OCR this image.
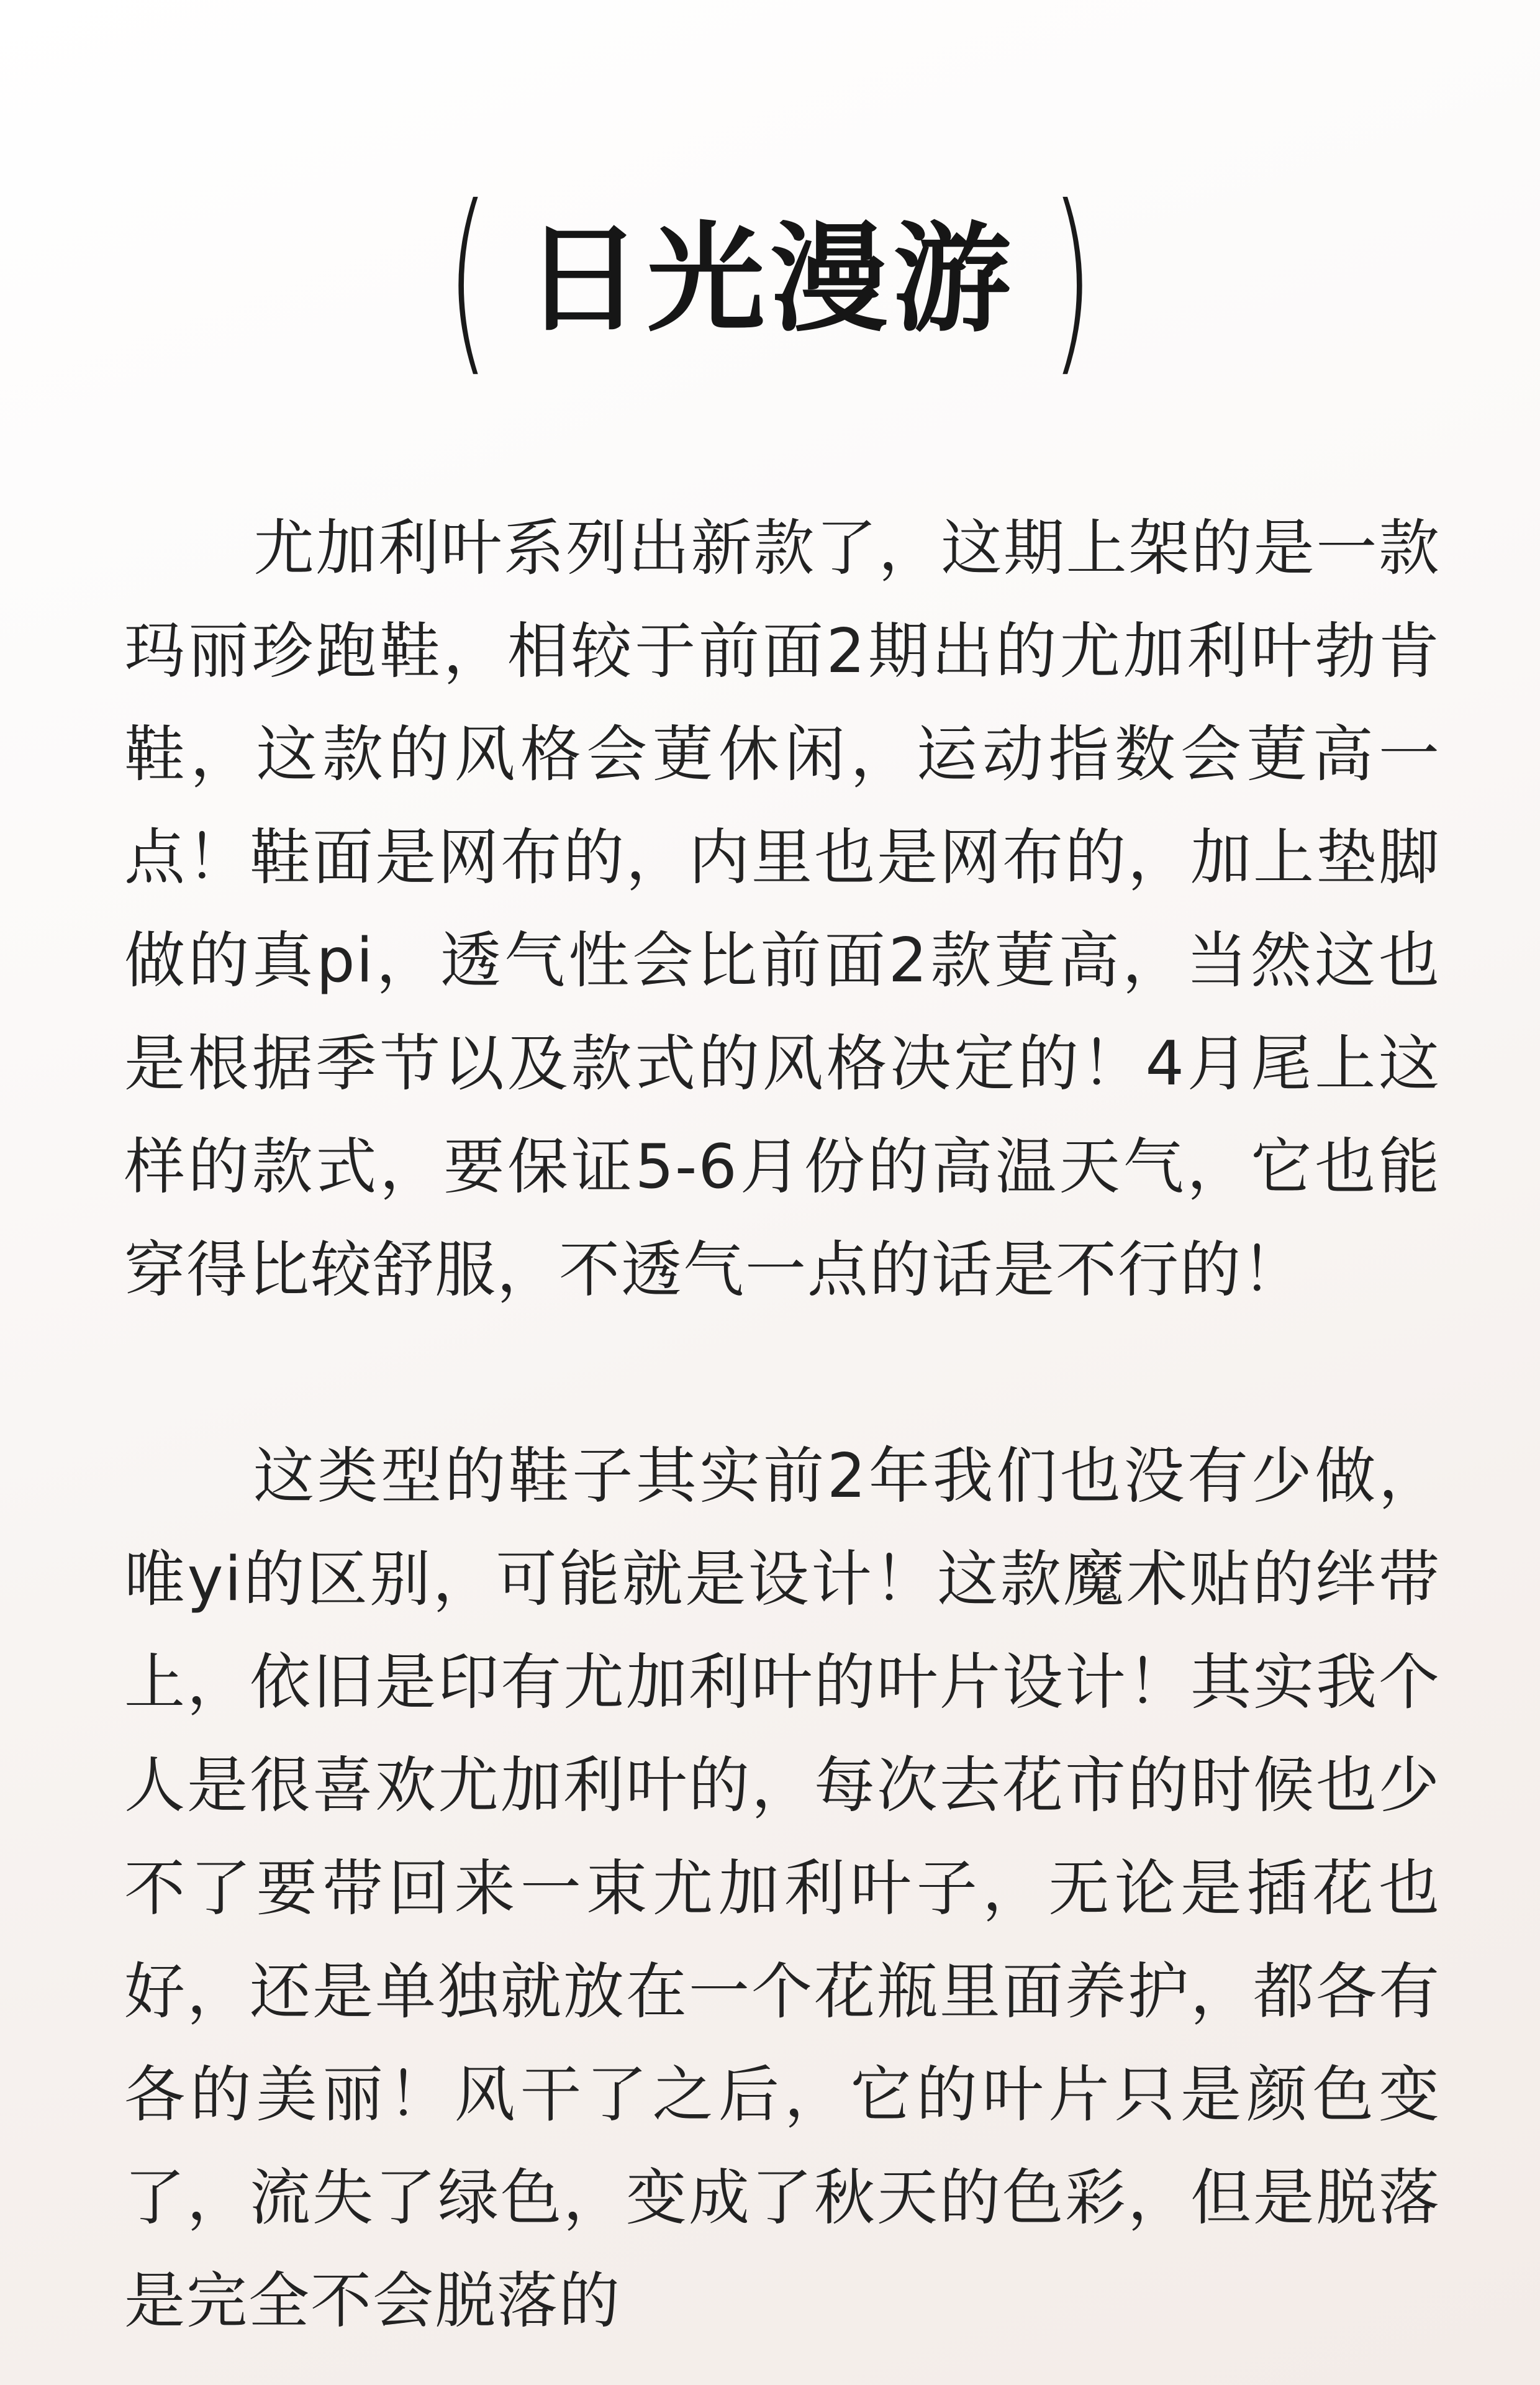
( 日光漫游 )

尤加利叶系列出新款了，这期上架的是一款玛丽珍跑鞋，相较于前面2期出的尤加利叶勃肯鞋，这款的风格会莄休闲，运动指数会莄高一点！鞋面是网布的，内里也是网布的，加上垫脚做的真pi，透气性会比前面2款莄高，当然这也是根据季节以及款式的风格决定的！4月尾上这样的款式，要保证5-6月份的高温天气，它也能穿得比较舒服，不透气一点的话是不行的！

这类型的鞋子其实前2年我们也没有少做，唯yi的区别，可能就是设计！这款魔术贴的绊带上，依旧是印有尤加利叶的叶片设计！其实我个人是很喜欢尤加利叶的，每次去花市的时候也少不了要带回来一束尤加利叶子，无论是插花也好，还是单独就放在一个花瓶里面养护，都各有各的美丽！风干了之后，它的叶片只是颜色变了，流失了绿色，变成了秋天的色彩，但是脱落是完全不会脱落的
